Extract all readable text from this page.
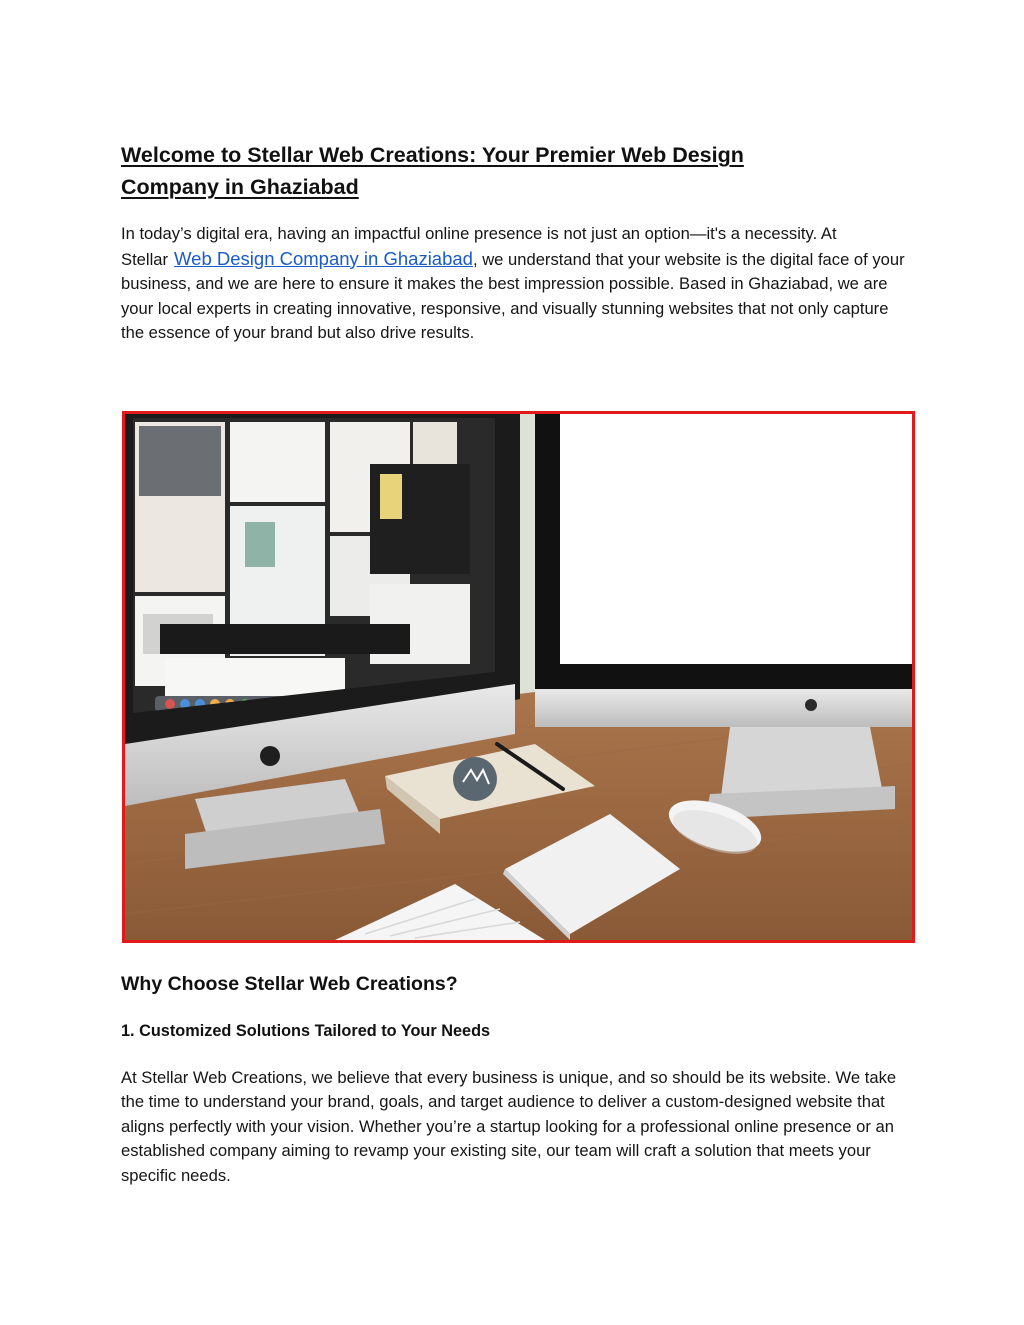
Welcome to Stellar Web Creations: Your Premier Web Design Company in Ghaziabad

In today’s digital era, having an impactful online presence is not just an option—it's a necessity. At Stellar Web Design Company in Ghaziabad, we understand that your website is the digital face of your business, and we are here to ensure it makes the best impression possible. Based in Ghaziabad, we are your local experts in creating innovative, responsive, and visually stunning websites that not only capture the essence of your brand but also drive results.

Why Choose Stellar Web Creations?
1. Customized Solutions Tailored to Your Needs

At Stellar Web Creations, we believe that every business is unique, and so should be its website. We take the time to understand your brand, goals, and target audience to deliver a custom-designed website that aligns perfectly with your vision. Whether you’re a startup looking for a professional online presence or an established company aiming to revamp your existing site, our team will craft a solution that meets your specific needs.
